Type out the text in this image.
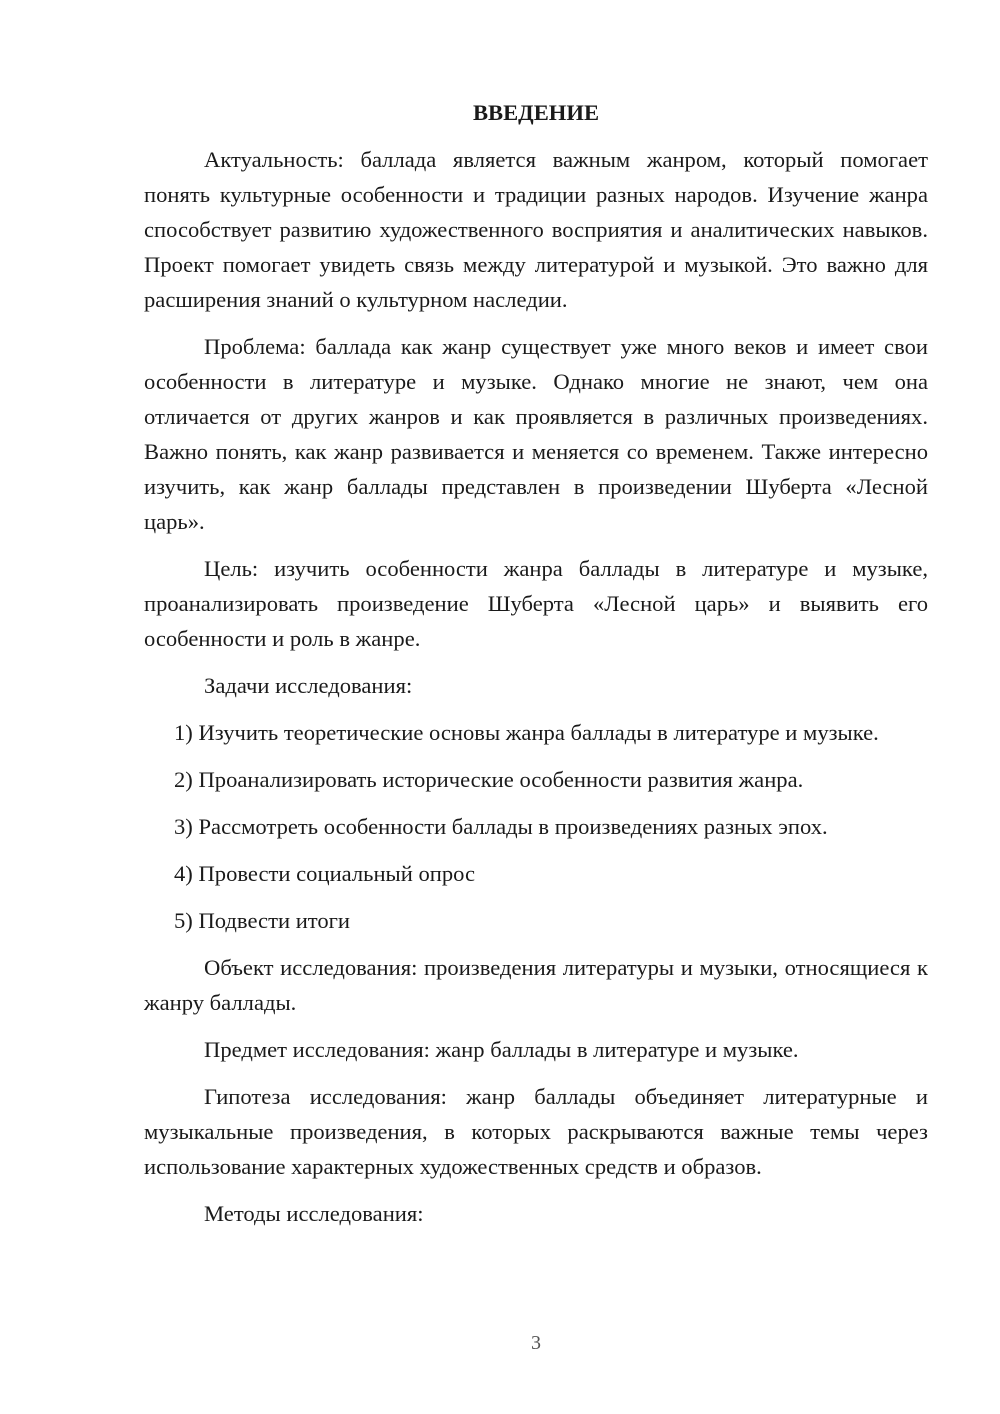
ВВЕДЕНИЕ

Актуальность: баллада является важным жанром, который помогает понять культурные особенности и традиции разных народов. Изучение жанра способствует развитию художественного восприятия и аналитических навыков. Проект помогает увидеть связь между литературой и музыкой. Это важно для расширения знаний о культурном наследии.

Проблема: баллада как жанр существует уже много веков и имеет свои особенности в литературе и музыке. Однако многие не знают, чем она отличается от других жанров и как проявляется в различных произведениях. Важно понять, как жанр развивается и меняется со временем. Также интересно изучить, как жанр баллады представлен в произведении Шуберта «Лесной царь».

Цель: изучить особенности жанра баллады в литературе и музыке, проанализировать произведение Шуберта «Лесной царь» и выявить его особенности и роль в жанре.

Задачи исследования:

1) Изучить теоретические основы жанра баллады в литературе и музыке.

2) Проанализировать исторические особенности развития жанра.

3) Рассмотреть особенности баллады в произведениях разных эпох.

4) Провести социальный опрос

5) Подвести итоги

Объект исследования: произведения литературы и музыки, относящиеся к жанру баллады.

Предмет исследования: жанр баллады в литературе и музыке.

Гипотеза исследования: жанр баллады объединяет литературные и музыкальные произведения, в которых раскрываются важные темы через использование характерных художественных средств и образов.

Методы исследования:

3
